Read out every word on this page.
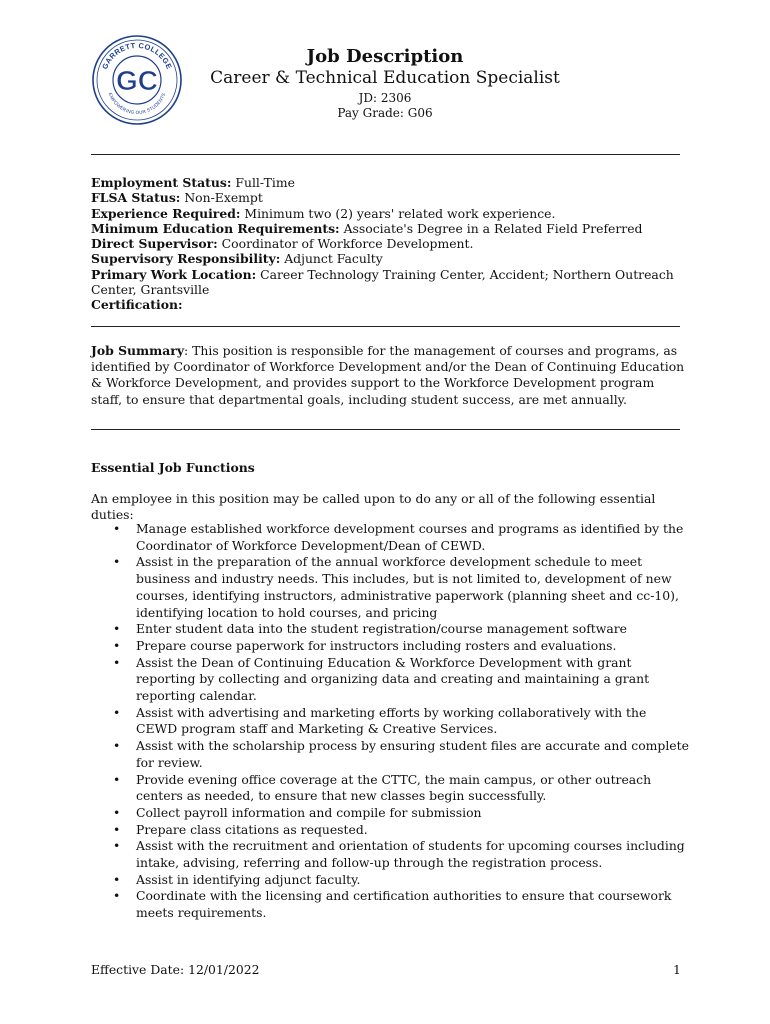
GARRETT COLLEGE
EMPOWERING OUR STUDENTS
GC
Job Description
Career & Technical Education Specialist
JD: 2306
Pay Grade: G06
Employment Status: Full-Time
FLSA Status: Non-Exempt
Experience Required: Minimum two (2) years' related work experience.
Minimum Education Requirements: Associate's Degree in a Related Field Preferred
Direct Supervisor: Coordinator of Workforce Development.
Supervisory Responsibility: Adjunct Faculty
Primary Work Location: Career Technology Training Center, Accident; Northern Outreach Center, Grantsville
Certification:
Job Summary: This position is responsible for the management of courses and programs, as identified by Coordinator of Workforce Development and/or the Dean of Continuing Education & Workforce Development, and provides support to the Workforce Development program staff, to ensure that departmental goals, including student success, are met annually.
Essential Job Functions
An employee in this position may be called upon to do any or all of the following essential duties:
• Manage established workforce development courses and programs as identified by the Coordinator of Workforce Development/Dean of CEWD.
• Assist in the preparation of the annual workforce development schedule to meet business and industry needs. This includes, but is not limited to, development of new courses, identifying instructors, administrative paperwork (planning sheet and cc-10), identifying location to hold courses, and pricing
• Enter student data into the student registration/course management software
• Prepare course paperwork for instructors including rosters and evaluations.
• Assist the Dean of Continuing Education & Workforce Development with grant reporting by collecting and organizing data and creating and maintaining a grant reporting calendar.
• Assist with advertising and marketing efforts by working collaboratively with the CEWD program staff and Marketing & Creative Services.
• Assist with the scholarship process by ensuring student files are accurate and complete for review.
• Provide evening office coverage at the CTTC, the main campus, or other outreach centers as needed, to ensure that new classes begin successfully.
• Collect payroll information and compile for submission
• Prepare class citations as requested.
• Assist with the recruitment and orientation of students for upcoming courses including intake, advising, referring and follow-up through the registration process.
• Assist in identifying adjunct faculty.
• Coordinate with the licensing and certification authorities to ensure that coursework meets requirements.
Effective Date: 12/01/2022	1
